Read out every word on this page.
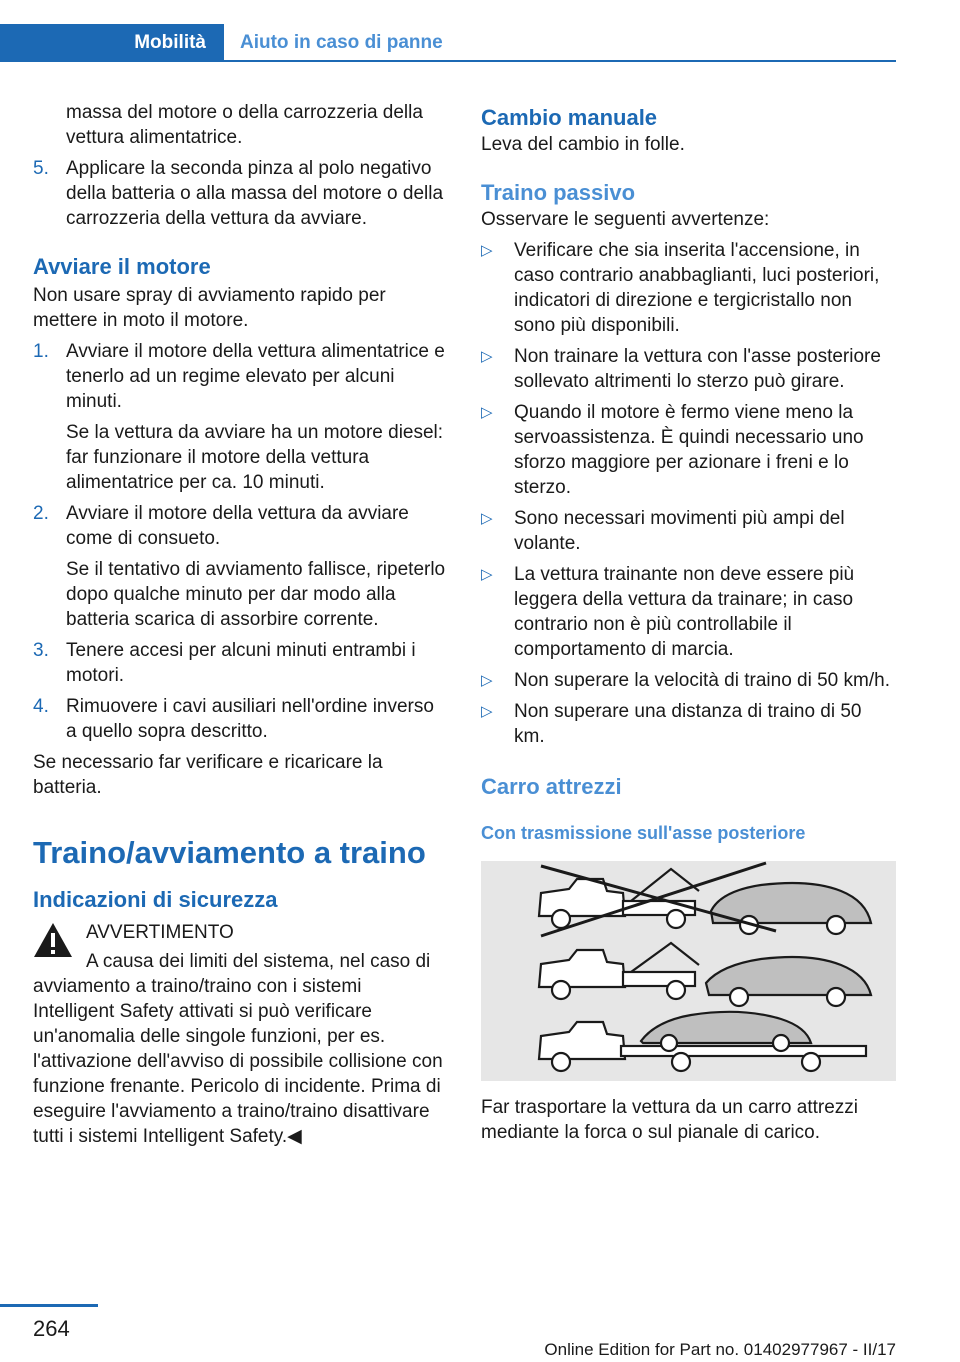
Mobilità	Aiuto in caso di panne

massa del motore o della carrozzeria della vettura alimentatrice.

5. Applicare la seconda pinza al polo negativo della batteria o alla massa del motore o della carrozzeria della vettura da avviare.

Avviare il motore

Non usare spray di avviamento rapido per mettere in moto il motore.

1. Avviare il motore della vettura alimentatrice e tenerlo ad un regime elevato per alcuni minuti.

Se la vettura da avviare ha un motore diesel: far funzionare il motore della vettura alimentatrice per ca. 10 minuti.

2. Avviare il motore della vettura da avviare come di consueto.

Se il tentativo di avviamento fallisce, ripeterlo dopo qualche minuto per dar modo alla batteria scarica di assorbire corrente.

3. Tenere accesi per alcuni minuti entrambi i motori.

4. Rimuovere i cavi ausiliari nell'ordine inverso a quello sopra descritto.

Se necessario far verificare e ricaricare la batteria.

Traino/avviamento a traino
Indicazioni di sicurezza

AVVERTIMENTO

A causa dei limiti del sistema, nel caso di avviamento a traino/traino con i sistemi Intelligent Safety attivati si può verificare un'anomalia delle singole funzioni, per es. l'attivazione dell'avviso di possibile collisione con funzione frenante. Pericolo di incidente. Prima di eseguire l'avviamento a traino/traino disattivare tutti i sistemi Intelligent Safety.◀

Cambio manuale

Leva del cambio in folle.

Traino passivo

Osservare le seguenti avvertenze:

▷ Verificare che sia inserita l'accensione, in caso contrario anabbaglianti, luci posteriori, indicatori di direzione e tergicristallo non sono più disponibili.

▷ Non trainare la vettura con l'asse posteriore sollevato altrimenti lo sterzo può girare.

▷ Quando il motore è fermo viene meno la servoassistenza. È quindi necessario uno sforzo maggiore per azionare i freni e lo sterzo.

▷ Sono necessari movimenti più ampi del volante.

▷ La vettura trainante non deve essere più leggera della vettura da trainare; in caso contrario non è più controllabile il comportamento di marcia.

▷ Non superare la velocità di traino di 50 km/h.

▷ Non superare una distanza di traino di 50 km.

Carro attrezzi
Con trasmissione sull'asse posteriore

Far trasportare la vettura da un carro attrezzi mediante la forca o sul pianale di carico.

264
Online Edition for Part no. 01402977967 - II/17
